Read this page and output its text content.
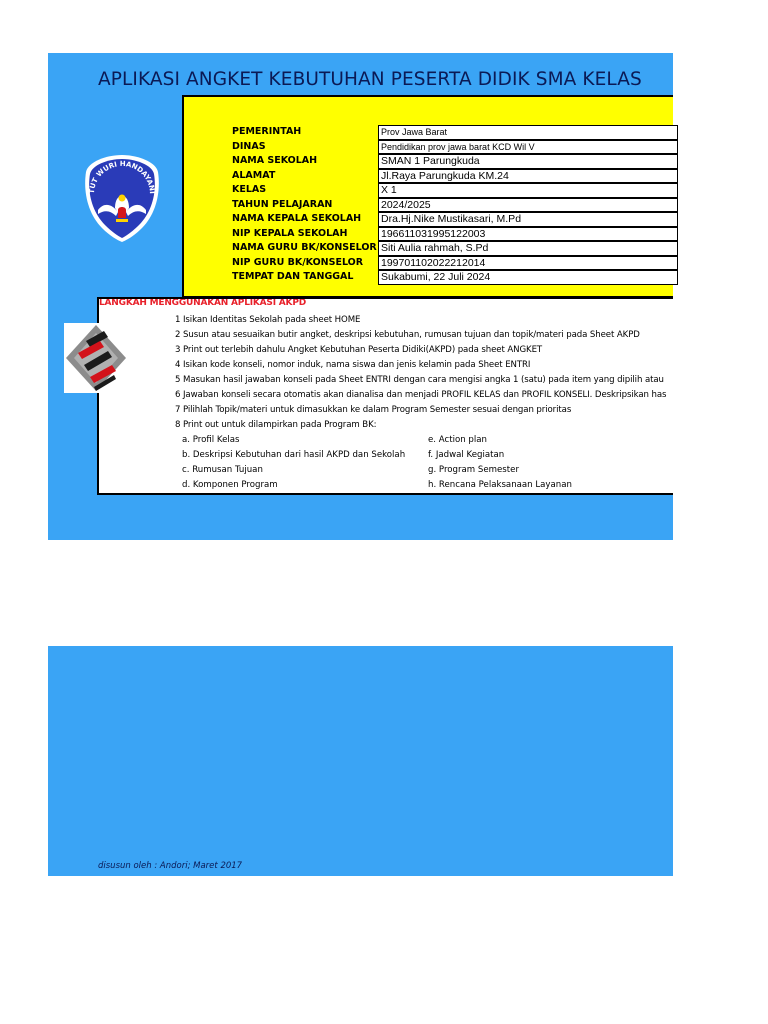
APLIKASI ANGKET KEBUTUHAN PESERTA DIDIK SMA KELAS
TUT WURI HANDAYANI
PEMERINTAH	Prov Jawa Barat
DINAS	Pendidikan prov jawa barat KCD Wil V
NAMA SEKOLAH	SMAN 1 Parungkuda
ALAMAT	Jl.Raya Parungkuda KM.24
KELAS	X 1
TAHUN PELAJARAN	2024/2025
NAMA KEPALA SEKOLAH Dra.Hj.Nike Mustikasari, M.Pd
NIP KEPALA SEKOLAH	196611031995122003
NAMA GURU BK/KONSELOR Siti Aulia rahmah, S.Pd
NIP GURU BK/KONSELOR 199701102022212014
TEMPAT DAN TANGGAL	Sukabumi, 22 Juli 2024
LANGKAH MENGGUNAKAN APLIKASI AKPD
1 Isikan Identitas Sekolah pada sheet HOME
2 Susun atau sesuaikan butir angket, deskripsi kebutuhan, rumusan tujuan dan topik/materi pada Sheet AKPD
3 Print out terlebih dahulu Angket Kebutuhan Peserta Didiki(AKPD) pada sheet ANGKET
4 Isikan kode konseli, nomor induk, nama siswa dan jenis kelamin pada Sheet ENTRI
5 Masukan hasil jawaban konseli pada Sheet ENTRI dengan cara mengisi angka 1 (satu) pada item yang dipilih atau
6 Jawaban konseli secara otomatis akan dianalisa dan menjadi PROFIL KELAS dan PROFIL KONSELI. Deskripsikan has
7 Pilihlah Topik/materi untuk dimasukkan ke dalam Program Semester sesuai dengan prioritas
8 Print out untuk dilampirkan pada Program BK:
a. Profil Kelas
b. Deskripsi Kebutuhan dari hasil AKPD dan Sekolah
c. Rumusan Tujuan
d. Komponen Program
e. Action plan
f. Jadwal Kegiatan
g. Program Semester
h. Rencana Pelaksanaan Layanan
disusun oleh : Andori; Maret 2017
